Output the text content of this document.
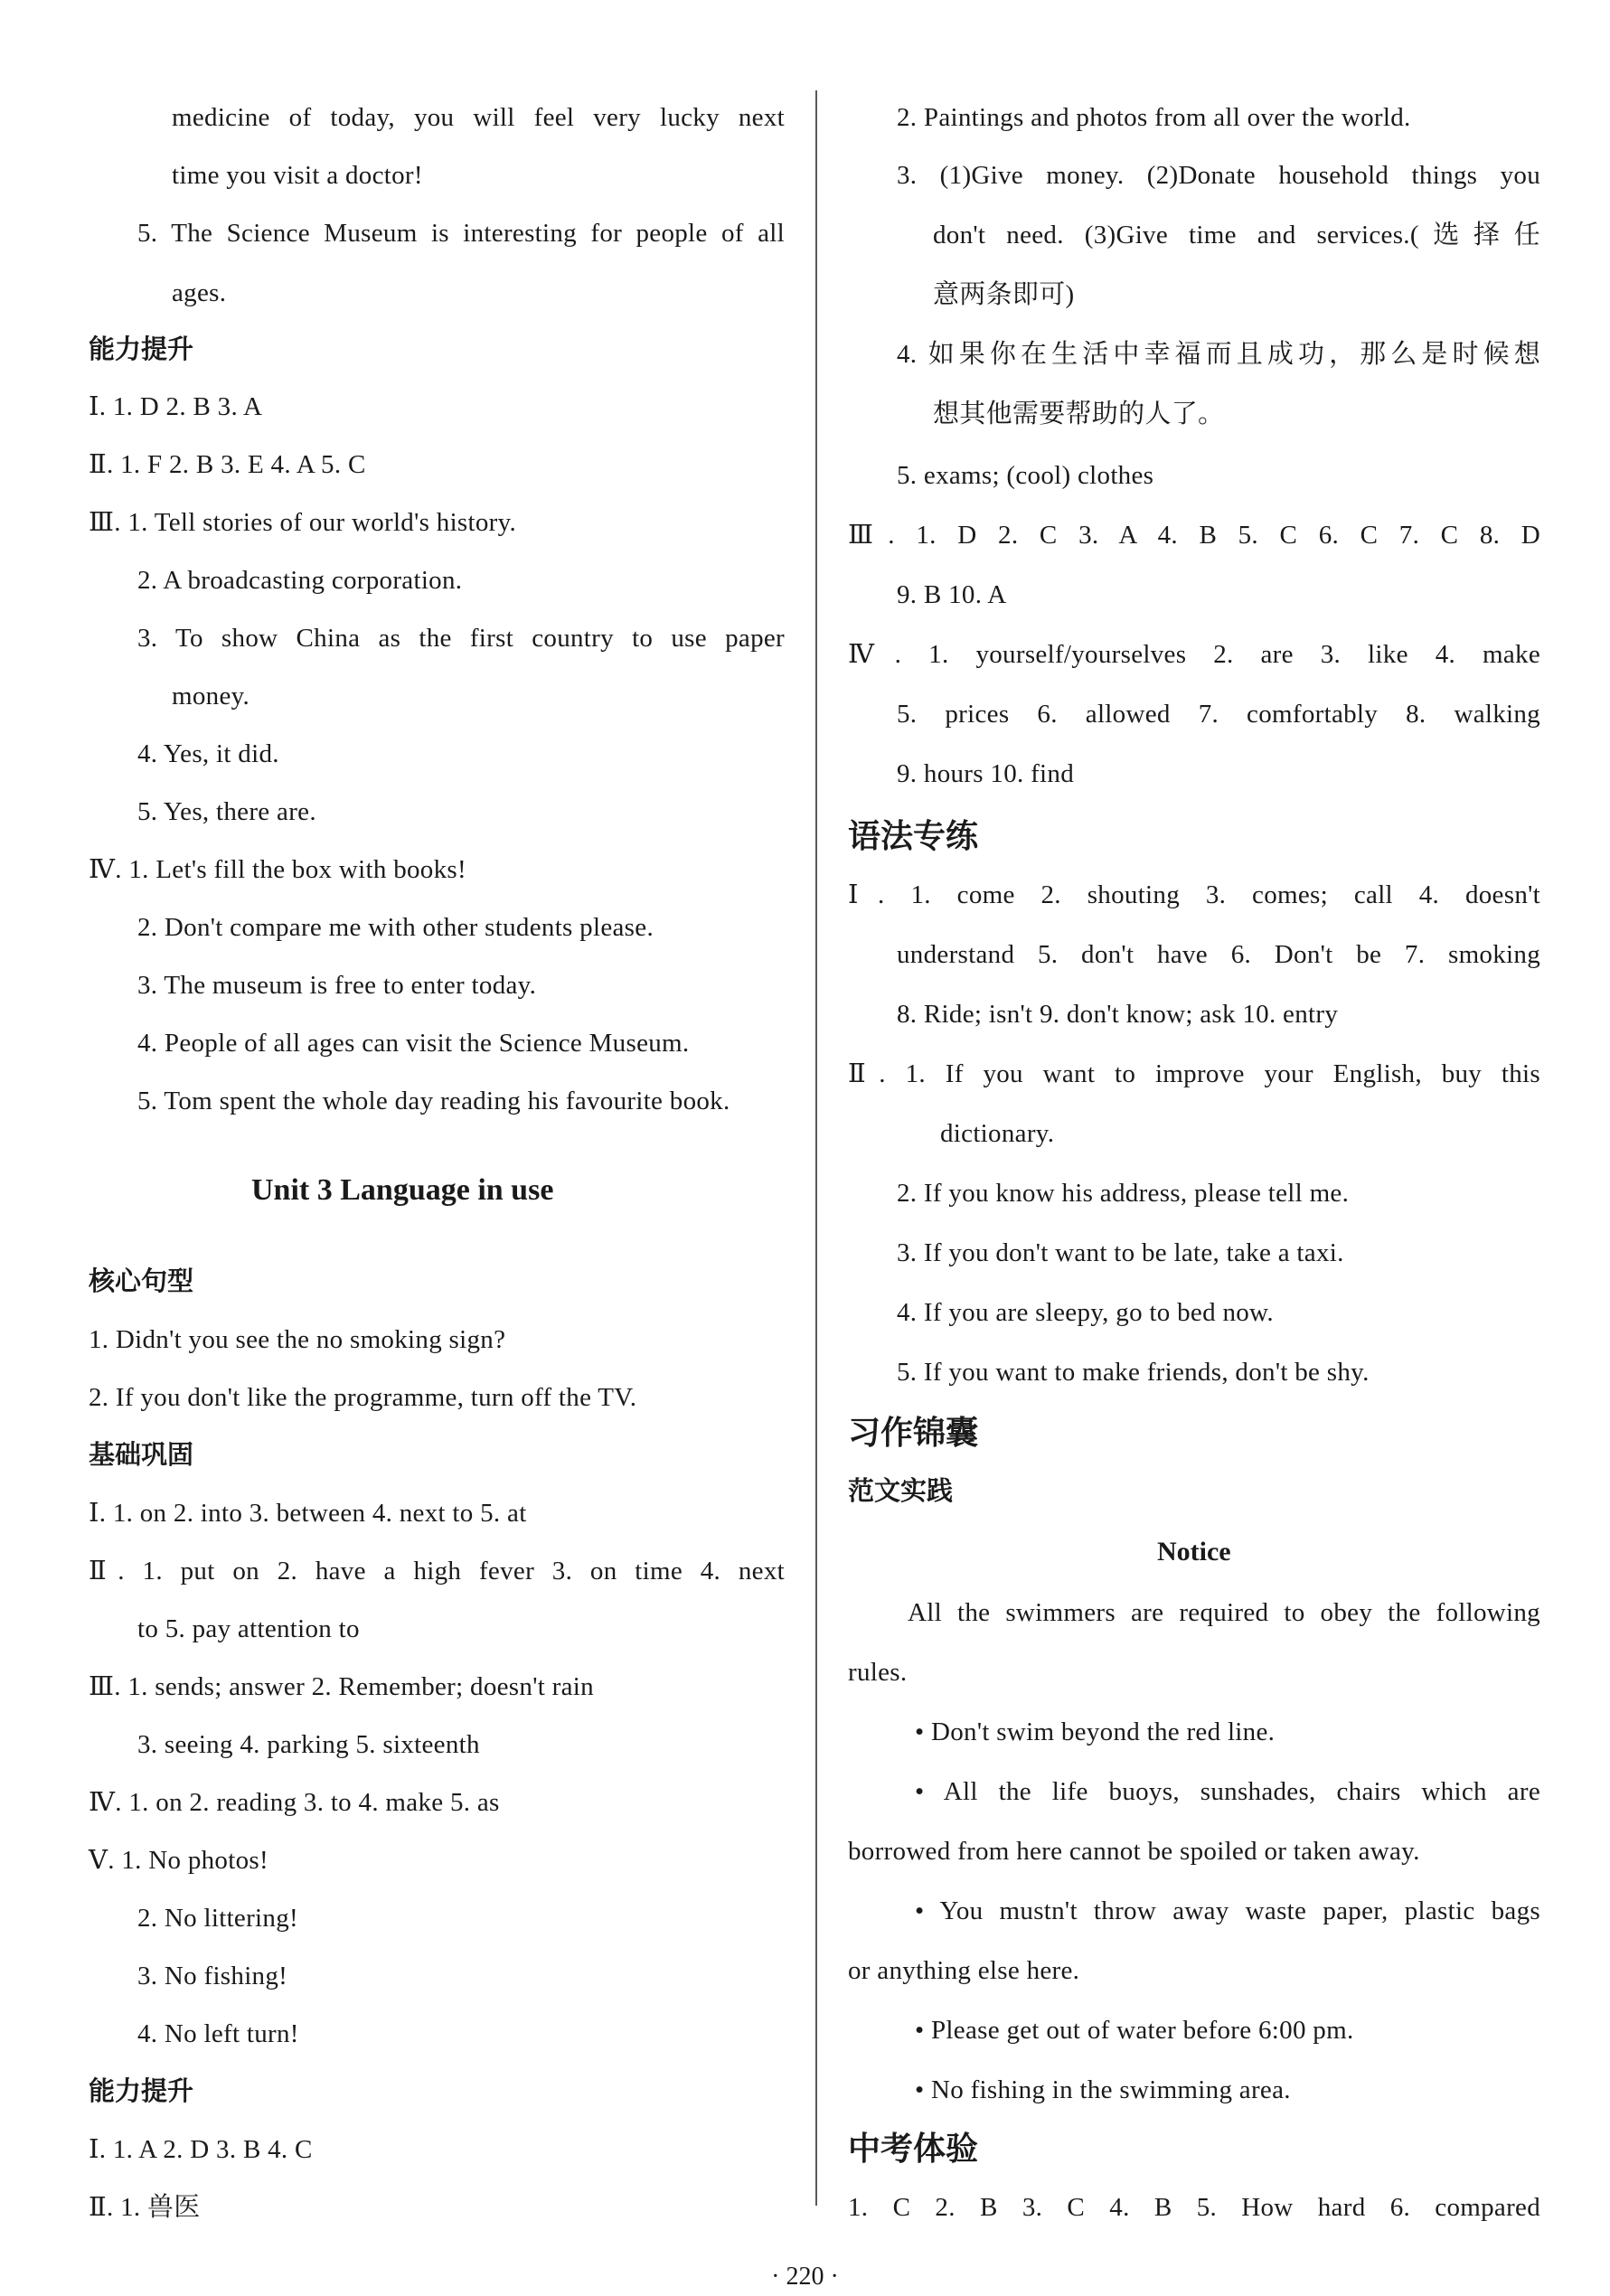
medicine of today, you will feel very lucky next
time you visit a doctor!
5. The Science Museum is interesting for people of all
ages.
能力提升
Ⅰ. 1. D 2. B 3. A
Ⅱ. 1. F 2. B 3. E 4. A 5. C
Ⅲ. 1. Tell stories of our world's history.
2. A broadcasting corporation.
3. To show China as the first country to use paper
money.
4. Yes, it did.
5. Yes, there are.
Ⅳ. 1. Let's fill the box with books!
2. Don't compare me with other students please.
3. The museum is free to enter today.
4. People of all ages can visit the Science Museum.
5. Tom spent the whole day reading his favourite book.
Unit 3 Language in use
核心句型
1. Didn't you see the no smoking sign?
2. If you don't like the programme, turn off the TV.
基础巩固
Ⅰ. 1. on 2. into 3. between 4. next to 5. at
Ⅱ. 1. put on 2. have a high fever 3. on time 4. next
to 5. pay attention to
Ⅲ. 1. sends; answer 2. Remember; doesn't rain
3. seeing 4. parking 5. sixteenth
Ⅳ. 1. on 2. reading 3. to 4. make 5. as
Ⅴ. 1. No photos!
2. No littering!
3. No fishing!
4. No left turn!
能力提升
Ⅰ. 1. A 2. D 3. B 4. C
Ⅱ. 1. 兽医
2. Paintings and photos from all over the world.
3. (1)Give money. (2)Donate household things you
don't need. (3)Give time and services.(选择任
意两条即可)
4. 如果你在生活中幸福而且成功，那么是时候想
想其他需要帮助的人了。
5. exams; (cool) clothes
Ⅲ. 1. D 2. C 3. A 4. B 5. C 6. C 7. C 8. D
9. B 10. A
Ⅳ. 1. yourself/yourselves 2. are 3. like 4. make
5. prices 6. allowed 7. comfortably 8. walking
9. hours 10. find
语法专练
Ⅰ. 1. come 2. shouting 3. comes; call 4. doesn't
understand 5. don't have 6. Don't be 7. smoking
8. Ride; isn't 9. don't know; ask 10. entry
Ⅱ. 1. If you want to improve your English, buy this
dictionary.
2. If you know his address, please tell me.
3. If you don't want to be late, take a taxi.
4. If you are sleepy, go to bed now.
5. If you want to make friends, don't be shy.
习作锦囊
范文实践
Notice
All the swimmers are required to obey the following
rules.
• Don't swim beyond the red line.
• All the life buoys, sunshades, chairs which are
borrowed from here cannot be spoiled or taken away.
• You mustn't throw away waste paper, plastic bags
or anything else here.
• Please get out of water before 6:00 pm.
• No fishing in the swimming area.
中考体验
1. C 2. B 3. C 4. B 5. How hard 6. compared
· 220 ·
